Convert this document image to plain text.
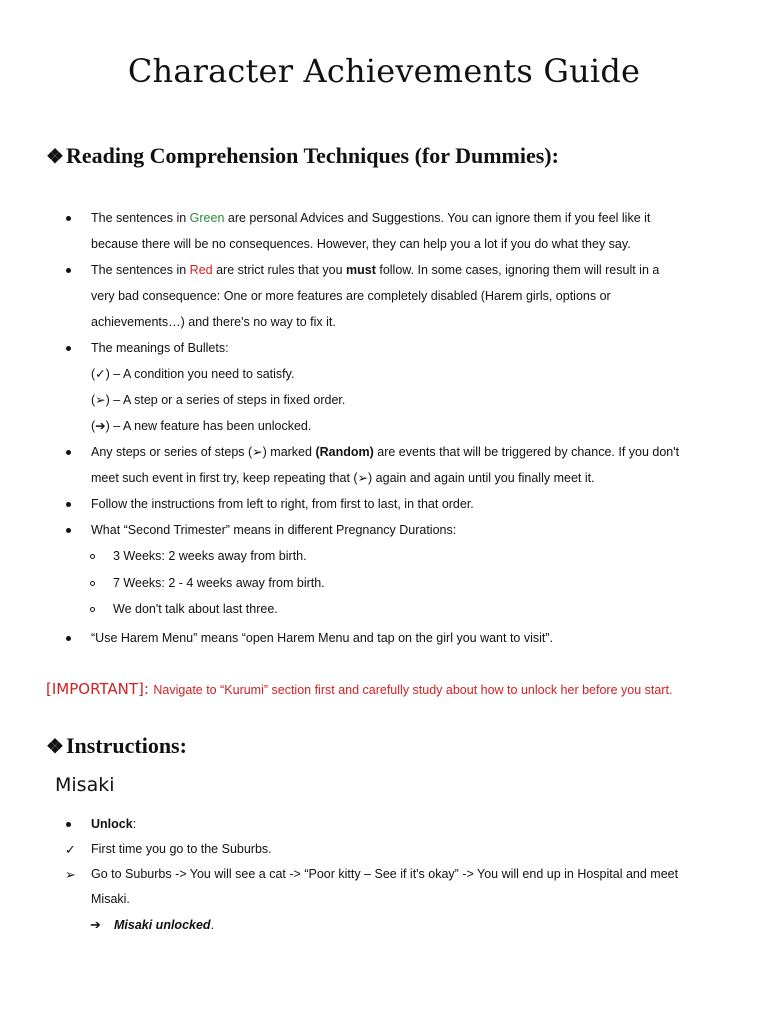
Character Achievements Guide
❖Reading Comprehension Techniques (for Dummies):
The sentences in Green are personal Advices and Suggestions. You can ignore them if you feel like it
because there will be no consequences. However, they can help you a lot if you do what they say.
The sentences in Red are strict rules that you must follow. In some cases, ignoring them will result in a
very bad consequence: One or more features are completely disabled (Harem girls, options or
achievements…) and there's no way to fix it.
The meanings of Bullets:
(✓) – A condition you need to satisfy.
(➢) – A step or a series of steps in fixed order.
(➔) – A new feature has been unlocked.
Any steps or series of steps (➢) marked (Random) are events that will be triggered by chance. If you don't
meet such event in first try, keep repeating that (➢) again and again until you finally meet it.
Follow the instructions from left to right, from first to last, in that order.
What “Second Trimester” means in different Pregnancy Durations:
3 Weeks: 2 weeks away from birth.
7 Weeks: 2 - 4 weeks away from birth.
We don't talk about last three.
“Use Harem Menu” means “open Harem Menu and tap on the girl you want to visit”.
[IMPORTANT]: Navigate to “Kurumi” section first and carefully study about how to unlock her before you start.
❖Instructions:
Misaki
Unlock:
✓ First time you go to the Suburbs.
➢ Go to Suburbs -> You will see a cat -> “Poor kitty – See if it's okay” -> You will end up in Hospital and meet
Misaki.
➔ Misaki unlocked.
